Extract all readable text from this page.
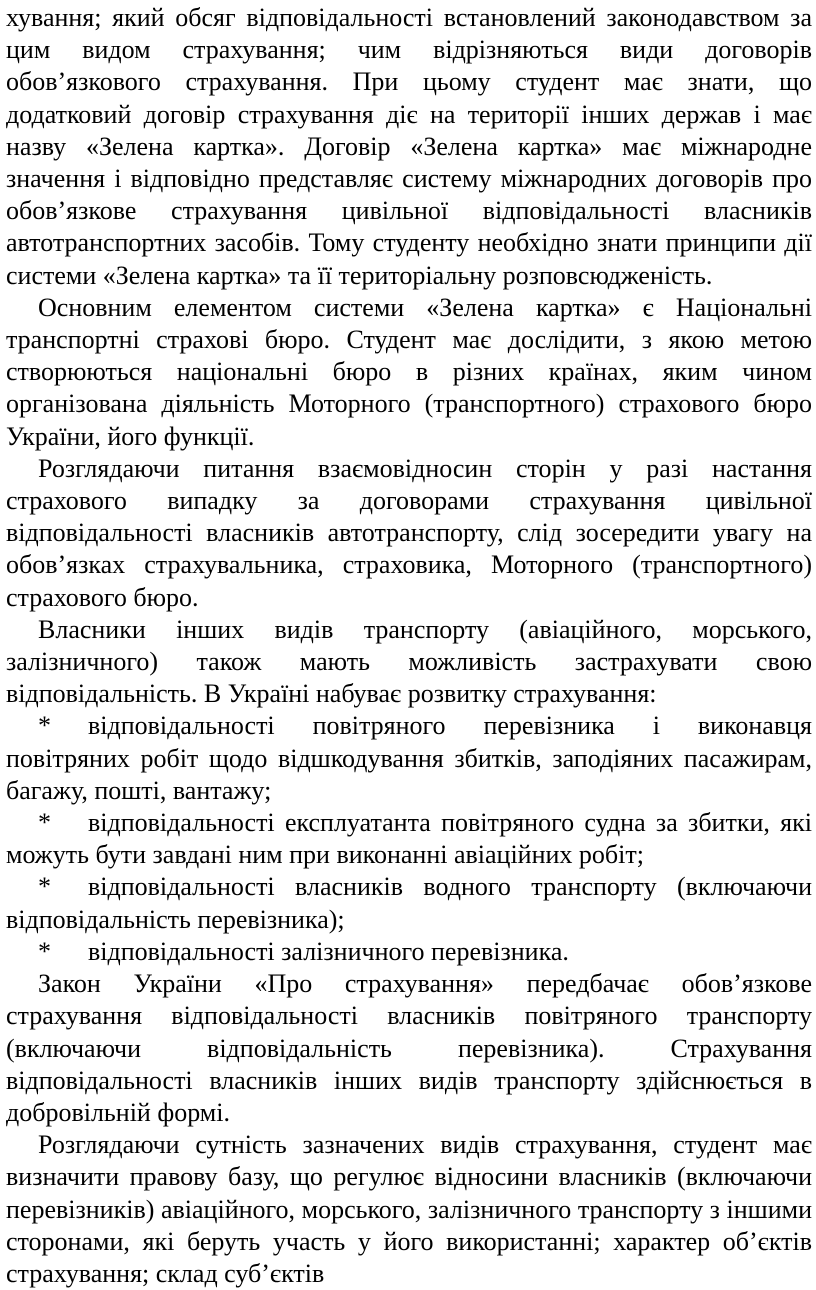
хування; який обсяг відповідальності встановлений законодавством за цим видом страхування; чим відрізняються види договорів обов’язкового страхування. При цьому студент має знати, що додатковий договір страхування діє на території інших держав і має назву «Зелена картка». Договір «Зелена картка» має міжнародне значення і відповідно представляє систему міжнародних договорів про обов’язкове страхування цивільної відповідальності власників автотранспортних засобів. Тому студенту необхідно знати принципи дії системи «Зелена картка» та її територіальну розповсюдженість.

Основним елементом системи «Зелена картка» є Національні транспортні страхові бюро. Студент має дослідити, з якою метою створюються національні бюро в різних країнах, яким чином організована діяльність Моторного (транспортного) страхового бюро України, його функції.

Розглядаючи питання взаємовідносин сторін у разі настання страхового випадку за договорами страхування цивільної відповідальності власників автотранспорту, слід зосередити увагу на обов’язках страхувальника, страховика, Моторного (транспортного) страхового бюро.

Власники інших видів транспорту (авіаційного, морського, залізничного) також мають можливість застрахувати свою відповідальність. В Україні набуває розвитку страхування:

* відповідальності повітряного перевізника і виконавця повітряних робіт щодо відшкодування збитків, заподіяних пасажирам, багажу, пошті, вантажу;

* відповідальності експлуатанта повітряного судна за збитки, які можуть бути завдані ним при виконанні авіаційних робіт;

* відповідальності власників водного транспорту (включаючи відповідальність перевізника);

* відповідальності залізничного перевізника.

Закон України «Про страхування» передбачає обов’язкове страхування відповідальності власників повітряного транспорту (включаючи відповідальність перевізника). Страхування відповідальності власників інших видів транспорту здійснюється в добровільній формі.

Розглядаючи сутність зазначених видів страхування, студент має визначити правову базу, що регулює відносини власників (включаючи перевізників) авіаційного, морського, залізничного транспорту з іншими сторонами, які беруть участь у його використанні; характер об’єктів страхування; склад суб’єктів
